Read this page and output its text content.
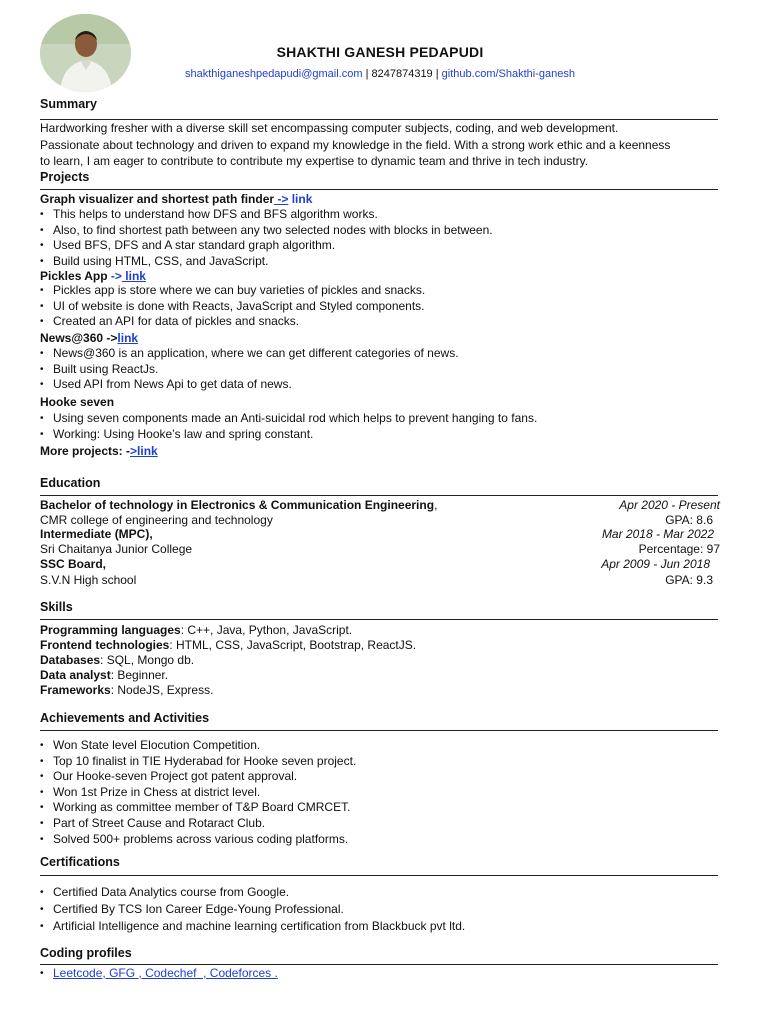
SHAKTHI GANESH PEDAPUDI
shakthiganeshpedapudi@gmail.com | 8247874319 | github.com/Shakthi-ganesh
Summary
Hardworking fresher with a diverse skill set encompassing computer subjects, coding, and web development.
Passionate about technology and driven to expand my knowledge in the field. With a strong work ethic and a keenness
to learn, I am eager to contribute to contribute my expertise to dynamic team and thrive in tech industry.
Projects
Graph visualizer and shortest path finder -> link
• This helps to understand how DFS and BFS algorithm works.
• Also, to find shortest path between any two selected nodes with blocks in between.
• Used BFS, DFS and A star standard graph algorithm.
• Build using HTML, CSS, and JavaScript.
Pickles App -> link
• Pickles app is store where we can buy varieties of pickles and snacks.
• UI of website is done with Reacts, JavaScript and Styled components.
• Created an API for data of pickles and snacks.
News@360 ->link
• News@360 is an application, where we can get different categories of news.
• Built using ReactJs.
• Used API from News Api to get data of news.
Hooke seven
• Using seven components made an Anti-suicidal rod which helps to prevent hanging to fans.
• Working: Using Hooke’s law and spring constant.
More projects: ->link
Education
Bachelor of technology in Electronics & Communication Engineering,	Apr 2020 - Present
CMR college of engineering and technology	GPA: 8.6
Intermediate (MPC),	Mar 2018 - Mar 2022
Sri Chaitanya Junior College	Percentage: 97
SSC Board,	Apr 2009 - Jun 2018
S.V.N High school	GPA: 9.3
Skills
Programming languages: C++, Java, Python, JavaScript.
Frontend technologies: HTML, CSS, JavaScript, Bootstrap, ReactJS.
Databases: SQL, Mongo db.
Data analyst: Beginner.
Frameworks: NodeJS, Express.
Achievements and Activities
• Won State level Elocution Competition.
• Top 10 finalist in TIE Hyderabad for Hooke seven project.
• Our Hooke-seven Project got patent approval.
• Won 1st Prize in Chess at district level.
• Working as committee member of T&P Board CMRCET.
• Part of Street Cause and Rotaract Club.
• Solved 500+ problems across various coding platforms.
Certifications
• Certified Data Analytics course from Google.
• Certified By TCS Ion Career Edge-Young Professional.
• Artificial Intelligence and machine learning certification from Blackbuck pvt ltd.
Coding profiles
• Leetcode, GFG , Codechef  , Codeforces .
